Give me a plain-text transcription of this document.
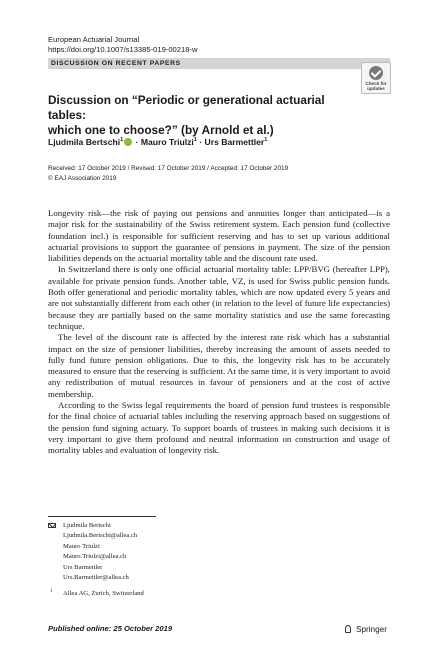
European Actuarial Journal
https://doi.org/10.1007/s13385-019-00218-w
DISCUSSION ON RECENT PAPERS
Check for
updates
Discussion on “Periodic or generational actuarial tables:
which one to choose?” (by Arnold et al.)
Ljudmila Bertschi$^1$ · Mauro Triulzi$^1$ · Urs Barmettler$^1$
Received: 17 October 2019 / Revised: 17 October 2019 / Accepted: 17 October 2019
© EAJ Association 2019

Longevity risk—the risk of paying out pensions and annuities longer than anticipated—is a major risk for the sustainability of the Swiss retirement system. Each pension fund (collective foundation incl.) is responsible for sufficient reserving and has to set up various additional actuarial provisions to support the guarantee of pensions in payment. The size of the pension liabilities depends on the actuarial mortality table and the discount rate used.

In Switzerland there is only one official actuarial mortality table: LPP/BVG (hereafter LPP), available for private pension funds. Another table, VZ, is used for Swiss public pension funds. Both offer generational and periodic mortality tables, which are now updated every 5 years and are not substantially different from each other (in relation to the level of future life expectancies) because they are partially based on the same mortality statistics and use the same forecasting technique.

The level of the discount rate is affected by the interest rate risk which has a substantial impact on the size of pensioner liabilities, thereby increasing the amount of assets needed to fully fund future pension obligations. Due to this, the longevity risk has to be accurately measured to ensure that the reserving is sufficient. At the same time, it is very important to avoid any redistribution of mutual resources in favour of pensioners and at the cost of active membership.

According to the Swiss legal requirements the board of pension fund trustees is responsible for the final choice of actuarial tables including the reserving approach based on suggestions of the pension fund signing actuary. To support boards of trustees in making such decisions it is very important to give them profound and neutral information on construction and usage of mortality tables and evaluation of longevity risk.

Ljudmila Bertschi
Ljudmila.Bertschi@allea.ch
Mauro Triulzi
Mauro.Triulzi@allea.ch
Urs Barmettler
Urs.Barmettler@allea.ch
1 Allea AG, Zurich, Switzerland
Published online: 25 October 2019	Springer
